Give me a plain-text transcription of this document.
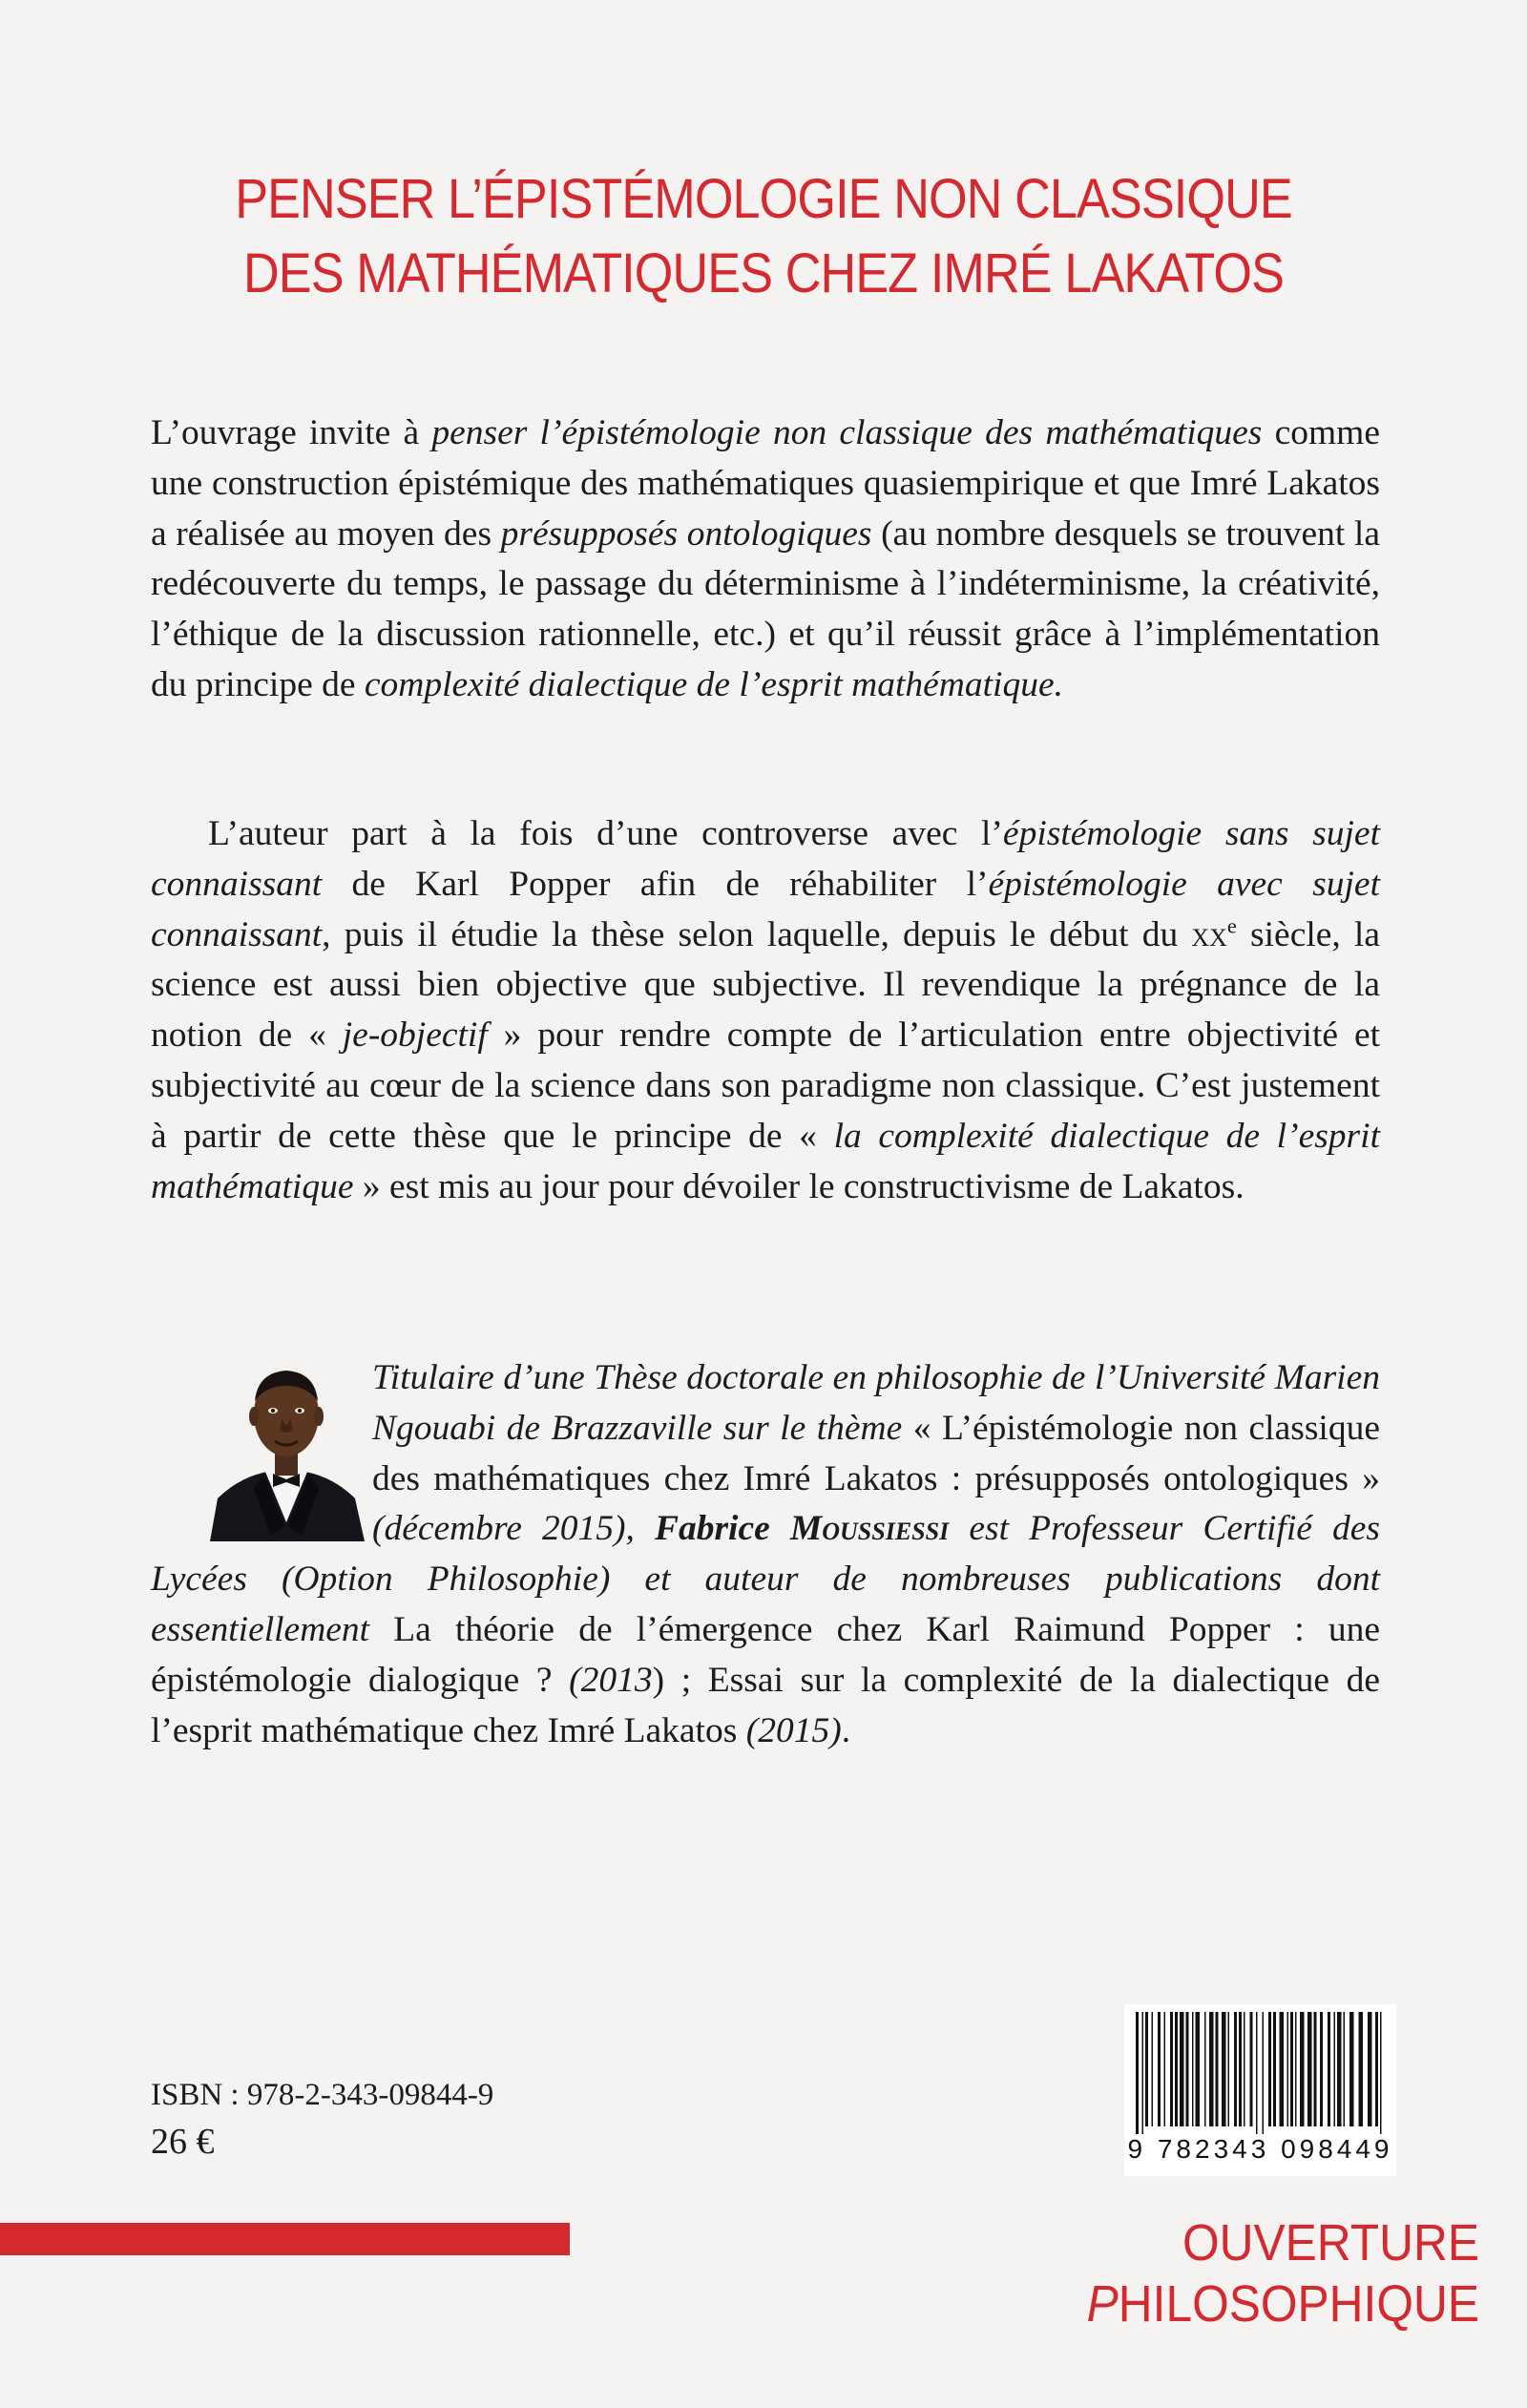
PENSER L’ÉPISTÉMOLOGIE NON CLASSIQUE
DES MATHÉMATIQUES CHEZ IMRÉ LAKATOS

L’ouvrage invite à penser l’épistémologie non classique des mathématiques comme une construction épistémique des mathématiques quasiempirique et que Imré Lakatos a réalisée au moyen des présupposés ontologiques (au nombre desquels se trouvent la redécouverte du temps, le passage du déterminisme à l’indéterminisme, la créativité, l’éthique de la discussion rationnelle, etc.) et qu’il réussit grâce à l’implémentation du principe de complexité dialectique de l’esprit mathématique.

L’auteur part à la fois d’une controverse avec l’épistémologie sans sujet connaissant de Karl Popper afin de réhabiliter l’épistémologie avec sujet connaissant, puis il étudie la thèse selon laquelle, depuis le début du $xx^e$ siècle, la science est aussi bien objective que subjective. Il revendique la prégnance de la notion de « je-objectif » pour rendre compte de l’articulation entre objectivité et subjectivité au cœur de la science dans son paradigme non classique. C’est justement à partir de cette thèse que le principe de « la complexité dialectique de l’esprit mathématique » est mis au jour pour dévoiler le constructivisme de Lakatos.

Titulaire d’une Thèse doctorale en philosophie de l’Université Marien Ngouabi de Brazzaville sur le thème « L’épistémologie non classique des mathématiques chez Imré Lakatos : présupposés ontologiques » (décembre 2015), Fabrice Moussiessi est Professeur Certifié des Lycées (Option Philosophie) et auteur de nombreuses publications dont essentiellement La théorie de l’émergence chez Karl Raimund Popper : une épistémologie dialogique ? (2013) ; Essai sur la complexité de la dialectique de l’esprit mathématique chez Imré Lakatos (2015).

ISBN : 978-2-343-09844-9
26 €	9 782343 098449
OUVERTURE PHILOSOPHIQUE
